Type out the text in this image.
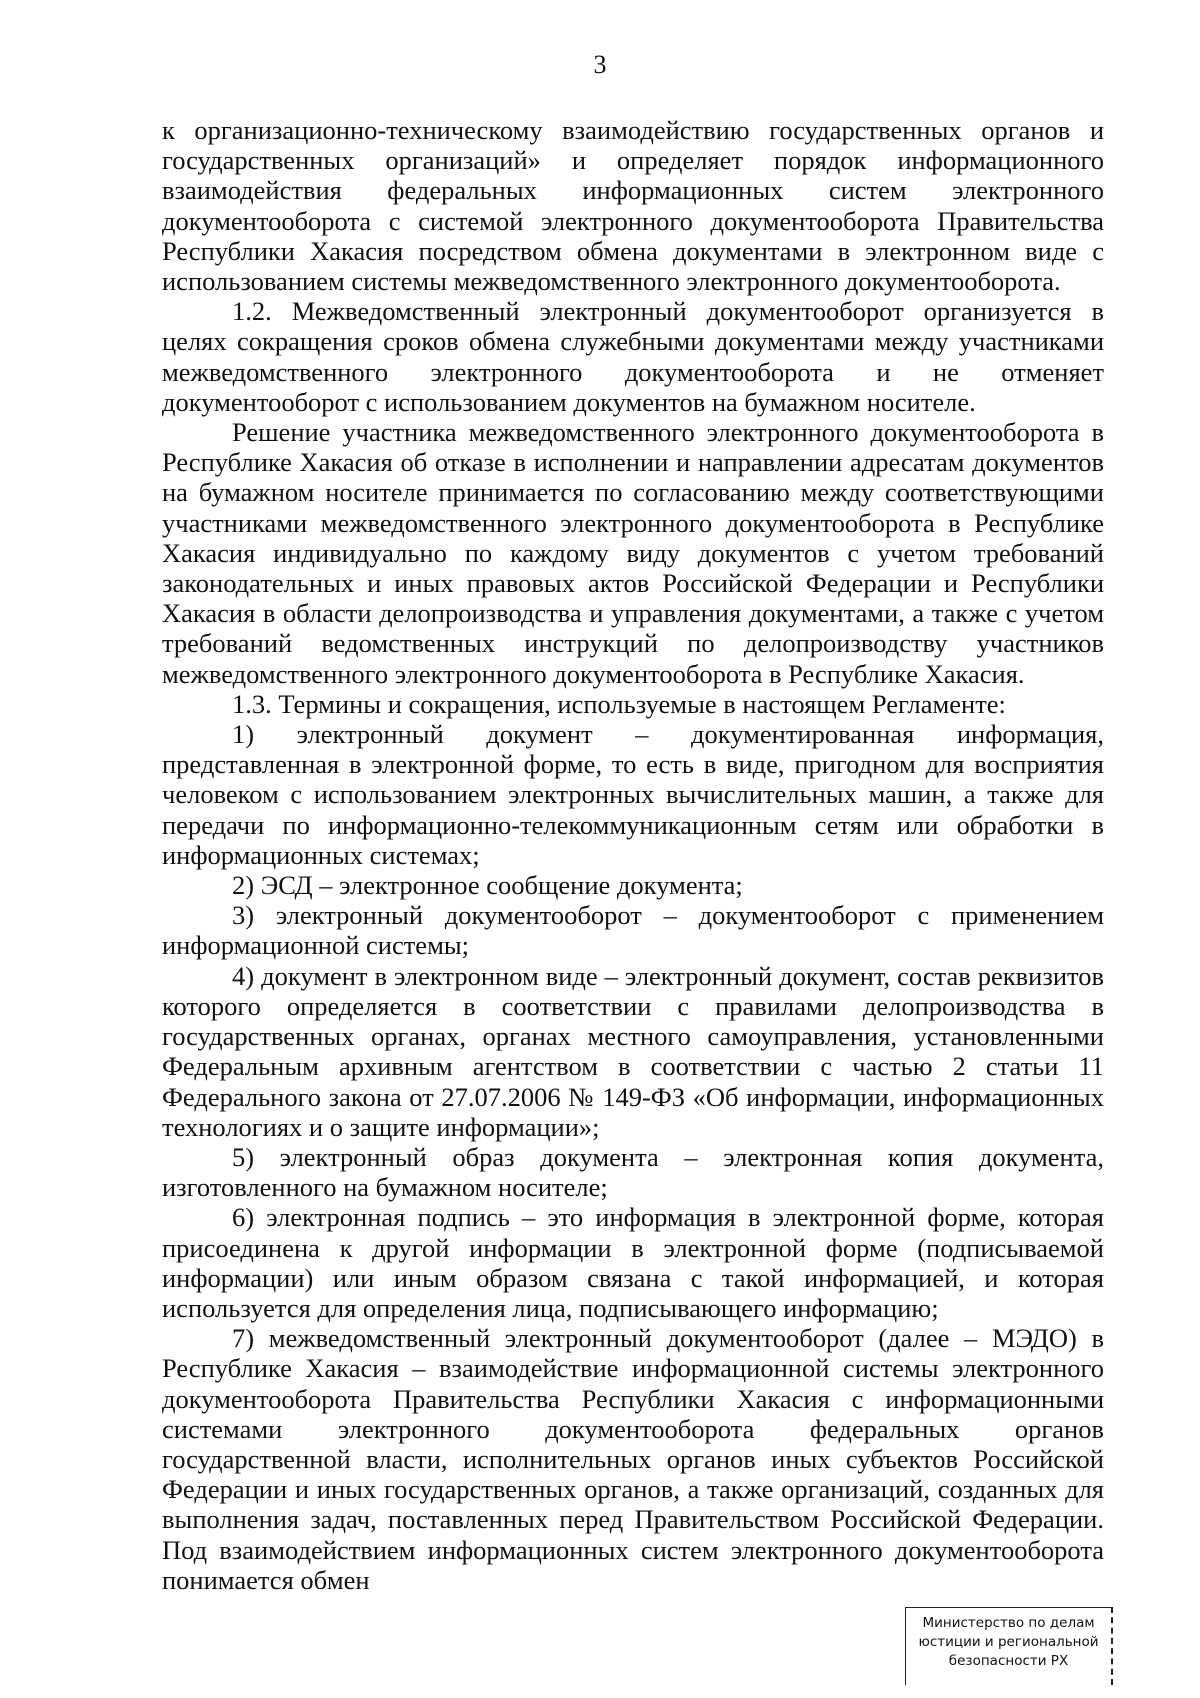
3

к организационно-техническому взаимодействию государственных органов и государственных организаций» и определяет порядок информационного взаимодействия федеральных информационных систем электронного документооборота с системой электронного документооборота Правительства Республики Хакасия посредством обмена документами в электронном виде с использованием системы межведомственного электронного документооборота.

1.2. Межведомственный электронный документооборот организуется в целях сокращения сроков обмена служебными документами между участниками межведомственного электронного документооборота и не отменяет документооборот с использованием документов на бумажном носителе.

Решение участника межведомственного электронного документооборота в Республике Хакасия об отказе в исполнении и направлении адресатам документов на бумажном носителе принимается по согласованию между соответствующими участниками межведомственного электронного документооборота в Республике Хакасия индивидуально по каждому виду документов с учетом требований законодательных и иных правовых актов Российской Федерации и Республики Хакасия в области делопроизводства и управления документами, а также с учетом требований ведомственных инструкций по делопроизводству участников межведомственного электронного документооборота в Республике Хакасия.

1.3. Термины и сокращения, используемые в настоящем Регламенте:

1) электронный документ – документированная информация, представленная в электронной форме, то есть в виде, пригодном для восприятия человеком с использованием электронных вычислительных машин, а также для передачи по информационно-телекоммуникационным сетям или обработки в информационных системах;

2) ЭСД – электронное сообщение документа;

3) электронный документооборот – документооборот с применением информационной системы;

4) документ в электронном виде – электронный документ, состав реквизитов которого определяется в соответствии с правилами делопроизводства в государственных органах, органах местного самоуправления, установленными Федеральным архивным агентством в соответствии с частью 2 статьи 11 Федерального закона от 27.07.2006 № 149-ФЗ «Об информации, информационных технологиях и о защите информации»;

5) электронный образ документа – электронная копия документа, изготовленного на бумажном носителе;

6) электронная подпись – это информация в электронной форме, которая присоединена к другой информации в электронной форме (подписываемой информации) или иным образом связана с такой информацией, и которая используется для определения лица, подписывающего информацию;

7) межведомственный электронный документооборот (далее – МЭДО) в Республике Хакасия – взаимодействие информационной системы электронного документооборота Правительства Республики Хакасия с информационными системами электронного документооборота федеральных органов государственной власти, исполнительных органов иных субъектов Российской Федерации и иных государственных органов, а также организаций, созданных для выполнения задач, поставленных перед Правительством Российской Федерации. Под взаимодействием информационных систем электронного документооборота понимается обмен

Министерство по делам
юстиции и региональной
безопасности РХ
